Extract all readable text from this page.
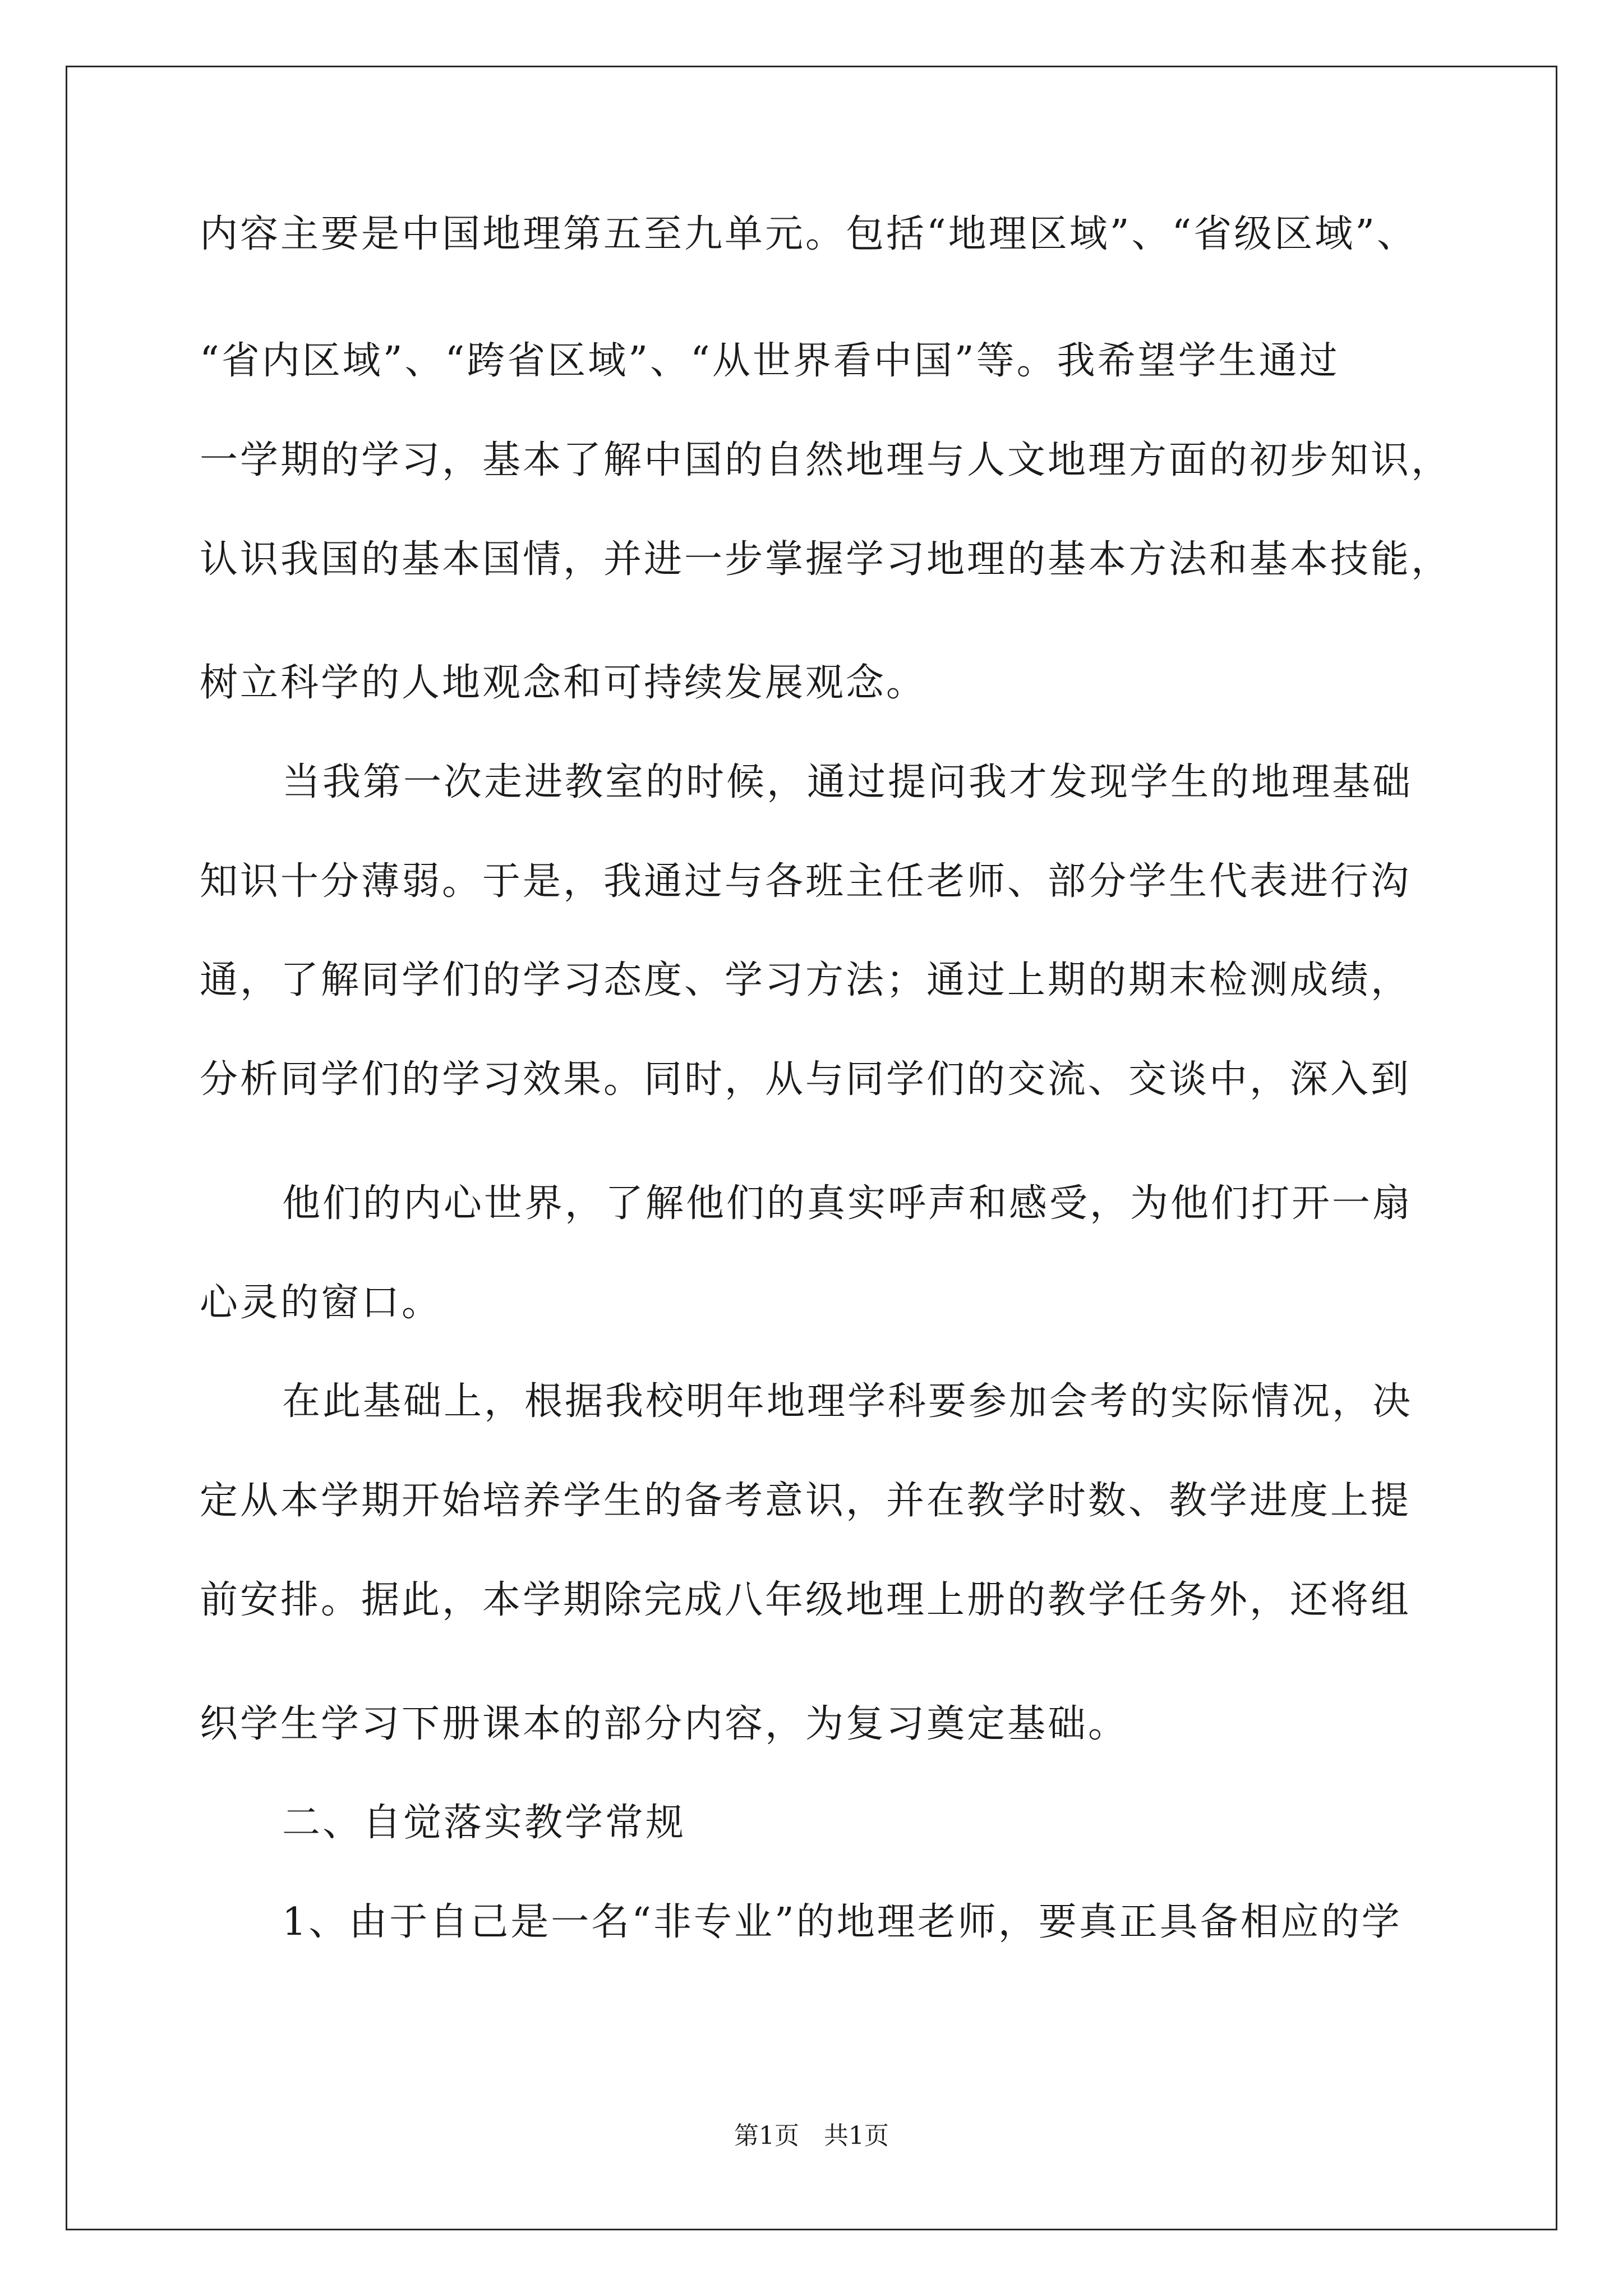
内容主要是中国地理第五至九单元。包括“地理区域”、“省级区域”、
“省内区域”、“跨省区域”、“从世界看中国”等。我希望学生通过
一学期的学习，基本了解中国的自然地理与人文地理方面的初步知识，
认识我国的基本国情，并进一步掌握学习地理的基本方法和基本技能，
树立科学的人地观念和可持续发展观念。
当我第一次走进教室的时候，通过提问我才发现学生的地理基础
知识十分薄弱。于是，我通过与各班主任老师、部分学生代表进行沟
通，了解同学们的学习态度、学习方法；通过上期的期末检测成绩，
分析同学们的学习效果。同时，从与同学们的交流、交谈中，深入到
他们的内心世界，了解他们的真实呼声和感受，为他们打开一扇
心灵的窗口。
在此基础上，根据我校明年地理学科要参加会考的实际情况，决
定从本学期开始培养学生的备考意识，并在教学时数、教学进度上提
前安排。据此，本学期除完成八年级地理上册的教学任务外，还将组
织学生学习下册课本的部分内容，为复习奠定基础。
二、自觉落实教学常规
1、由于自己是一名“非专业”的地理老师，要真正具备相应的学
第1页　共1页
